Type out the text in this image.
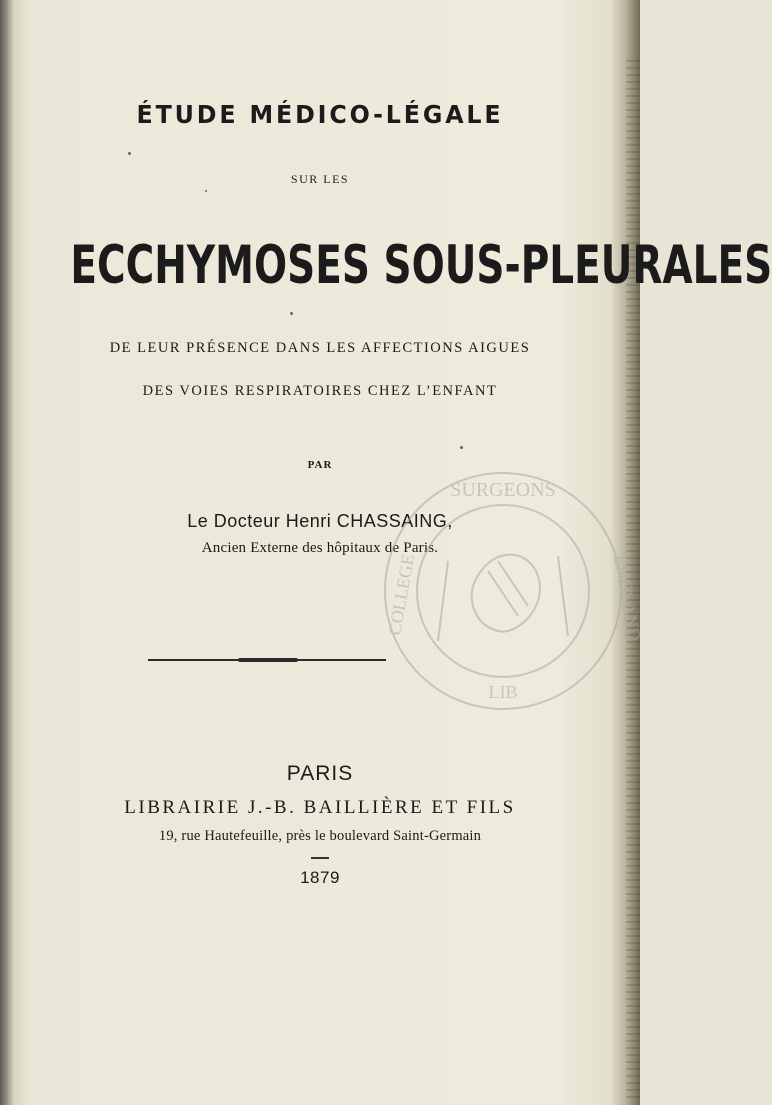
ÉTUDE MÉDICO-LÉGALE
SUR LES
ECCHYMOSES SOUS-PLEURALES
DE LEUR PRÉSENCE DANS LES AFFECTIONS AIGUES
DES VOIES RESPIRATOIRES CHEZ L’ENFANT
PAR
Le Docteur Henri CHASSAING,
Ancien Externe des hôpitaux de Paris.
SURGEONS
COLLEGE
LIB
ENGLAND
PARIS
LIBRAIRIE J.-B. BAILLIÈRE ET FILS
19, rue Hautefeuille, près le boulevard Saint-Germain
1879
